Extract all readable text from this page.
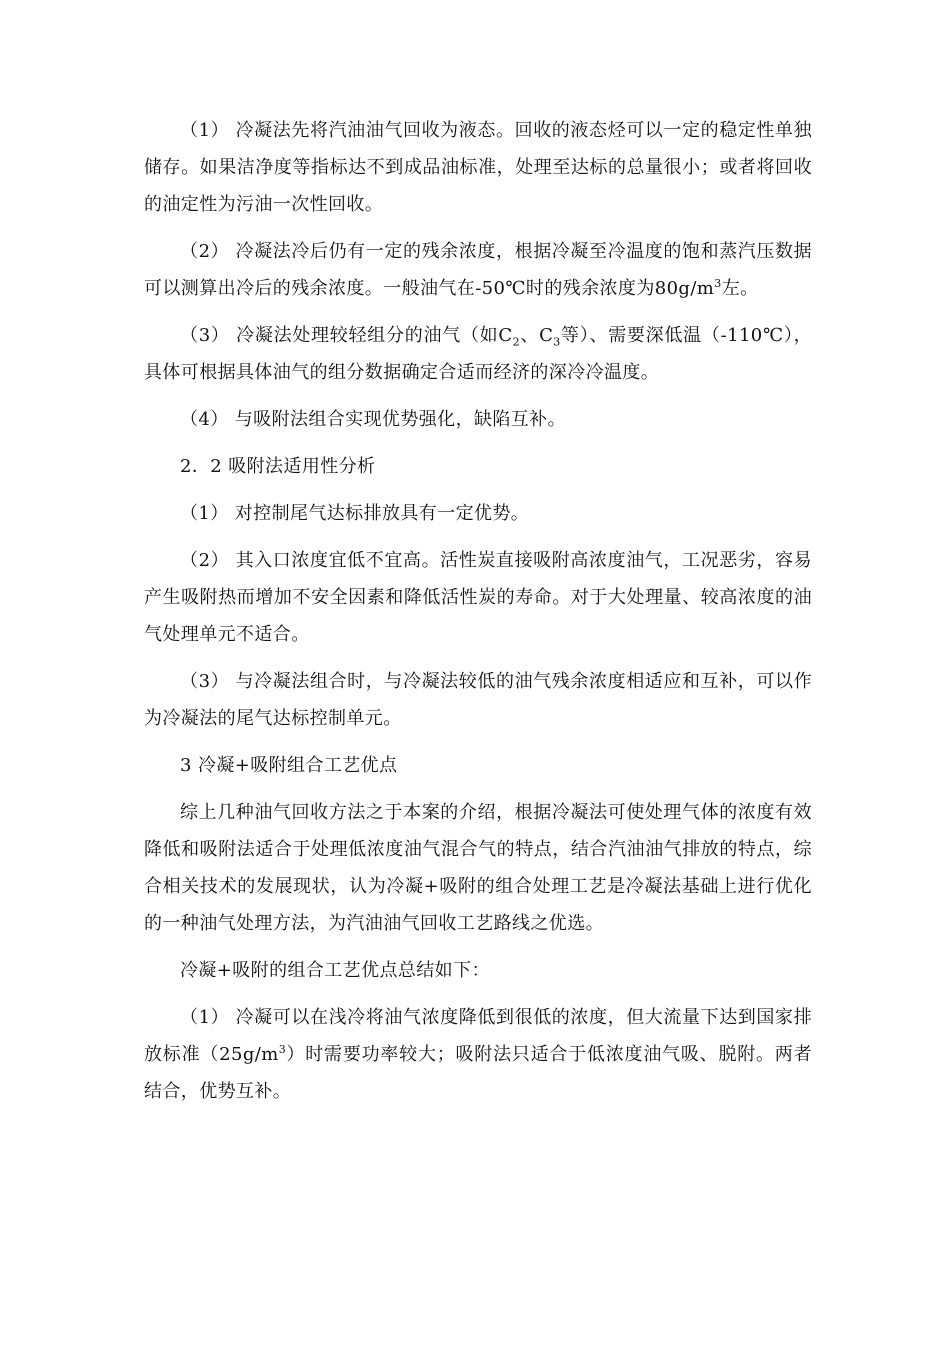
（1） 冷凝法先将汽油油气回收为液态。回收的液态烃可以一定的稳定性单独储存。如果洁净度等指标达不到成品油标准，处理至达标的总量很小；或者将回收的油定性为污油一次性回收。

（2） 冷凝法冷后仍有一定的残余浓度，根据冷凝至冷温度的饱和蒸汽压数据可以测算出冷后的残余浓度。一般油气在-50℃时的残余浓度为$80g/m^3$左。

（3） 冷凝法处理较轻组分的油气（如$C_2$、$C_3$等）、需要深低温（-110℃），具体可根据具体油气的组分数据确定合适而经济的深冷冷温度。

（4） 与吸附法组合实现优势强化，缺陷互补。

2．2 吸附法适用性分析

（1） 对控制尾气达标排放具有一定优势。

（2） 其入口浓度宜低不宜高。活性炭直接吸附高浓度油气，工况恶劣，容易产生吸附热而增加不安全因素和降低活性炭的寿命。对于大处理量、较高浓度的油气处理单元不适合。

（3） 与冷凝法组合时，与冷凝法较低的油气残余浓度相适应和互补，可以作为冷凝法的尾气达标控制单元。

3 冷凝+吸附组合工艺优点

综上几种油气回收方法之于本案的介绍，根据冷凝法可使处理气体的浓度有效降低和吸附法适合于处理低浓度油气混合气的特点，结合汽油油气排放的特点，综合相关技术的发展现状，认为冷凝+吸附的组合处理工艺是冷凝法基础上进行优化的一种油气处理方法，为汽油油气回收工艺路线之优选。

冷凝+吸附的组合工艺优点总结如下：

（1） 冷凝可以在浅冷将油气浓度降低到很低的浓度，但大流量下达到国家排放标准$(25g/m^3)$时需要功率较大；吸附法只适合于低浓度油气吸、脱附。两者结合，优势互补。
